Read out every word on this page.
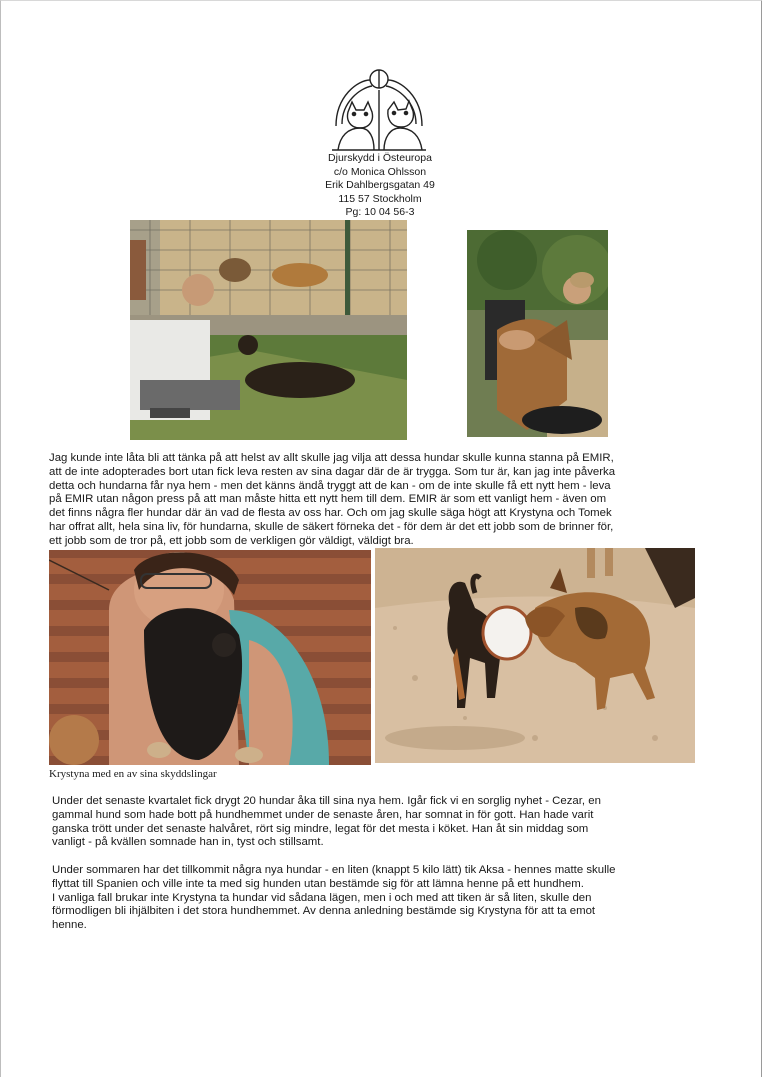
Djurskydd i Östeuropa
c/o Monica Ohlsson
Erik Dahlbergsgatan 49
115 57 Stockholm
Pg: 10 04 56-3
Jag kunde inte låta bli att tänka på att helst av allt skulle jag vilja att dessa hundar skulle kunna stanna på EMIR,
att de inte adopterades bort utan fick leva resten av sina dagar där de är trygga. Som tur är, kan jag inte påverka
detta och hundarna får nya hem - men det känns ändå tryggt att de kan - om de inte skulle få ett nytt hem - leva
på EMIR utan någon press på att man måste hitta ett nytt hem till dem. EMIR är som ett vanligt hem - även om
det finns några fler hundar där än vad de flesta av oss har. Och om jag skulle säga högt att Krystyna och Tomek
har offrat allt, hela sina liv, för hundarna, skulle de säkert förneka det - för dem är det ett jobb som de brinner för,
ett jobb som de tror på, ett jobb som de verkligen gör väldigt, väldigt bra.
Krystyna med en av sina skyddslingar
Under det senaste kvartalet fick drygt 20 hundar åka till sina nya hem. Igår fick vi en sorglig nyhet - Cezar, en
gammal hund som hade bott på hundhemmet under de senaste åren, har somnat in för gott. Han hade varit
ganska trött under det senaste halvåret, rört sig mindre, legat för det mesta i köket. Han åt sin middag som
vanligt - på kvällen somnade han in, tyst och stillsamt.
Under sommaren har det tillkommit några nya hundar - en liten (knappt 5 kilo lätt) tik Aksa - hennes matte skulle
flyttat till Spanien och ville inte ta med sig hunden utan bestämde sig för att lämna henne på ett hundhem.
I vanliga fall brukar inte Krystyna ta hundar vid sådana lägen, men i och med att tiken är så liten, skulle den
förmodligen bli ihjälbiten i det stora hundhemmet. Av denna anledning bestämde sig Krystyna för att ta emot
henne.
